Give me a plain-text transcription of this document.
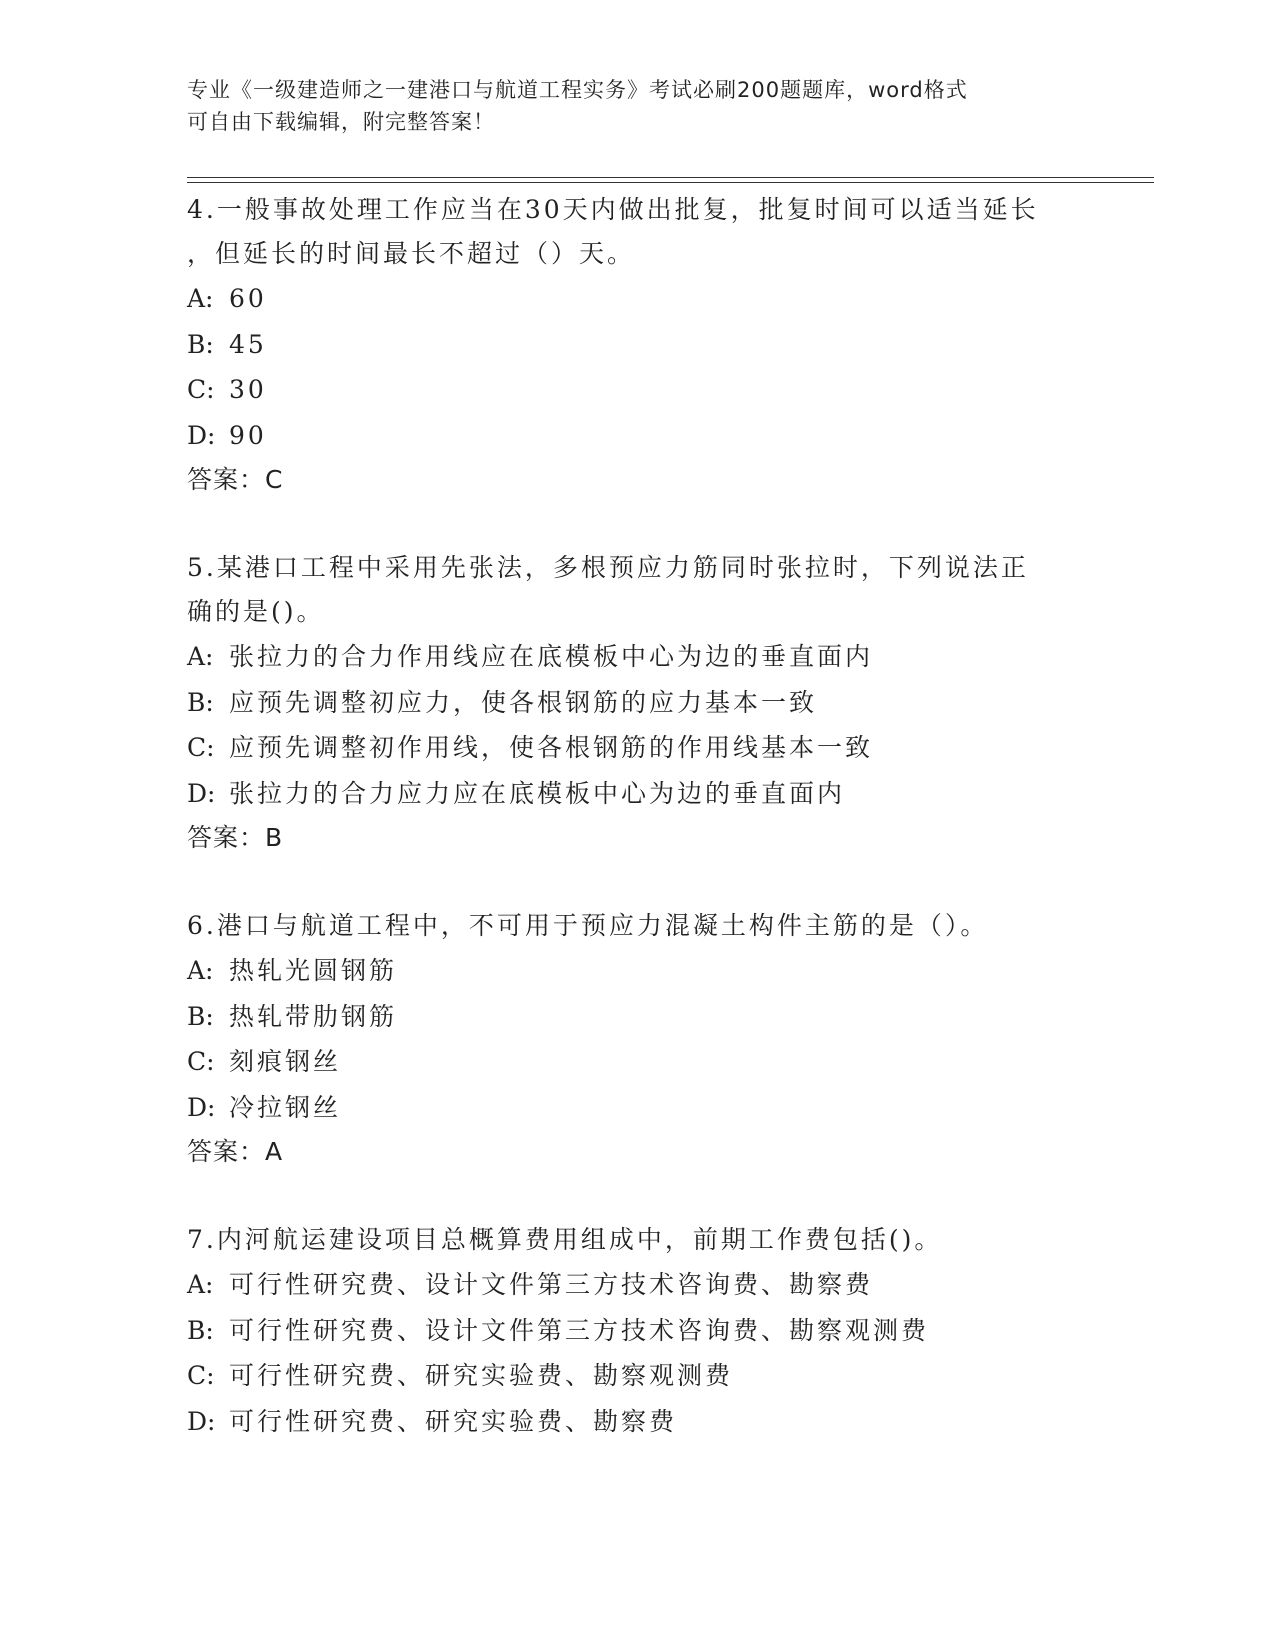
专业《一级建造师之一建港口与航道工程实务》考试必刷200题题库，word格式
可自由下载编辑，附完整答案！

4.一般事故处理工作应当在30天内做出批复，批复时间可以适当延长

，但延长的时间最长不超过（）天。

A: 60

B: 45

C: 30

D: 90

答案：C

5.某港口工程中采用先张法，多根预应力筋同时张拉时，下列说法正

确的是()。

A: 张拉力的合力作用线应在底模板中心为边的垂直面内

B: 应预先调整初应力，使各根钢筋的应力基本一致

C: 应预先调整初作用线，使各根钢筋的作用线基本一致

D: 张拉力的合力应力应在底模板中心为边的垂直面内

答案：B

6.港口与航道工程中，不可用于预应力混凝土构件主筋的是（）。

A: 热轧光圆钢筋

B: 热轧带肋钢筋

C: 刻痕钢丝

D: 冷拉钢丝

答案：A

7.内河航运建设项目总概算费用组成中，前期工作费包括()。

A: 可行性研究费、设计文件第三方技术咨询费、勘察费

B: 可行性研究费、设计文件第三方技术咨询费、勘察观测费

C: 可行性研究费、研究实验费、勘察观测费

D: 可行性研究费、研究实验费、勘察费
